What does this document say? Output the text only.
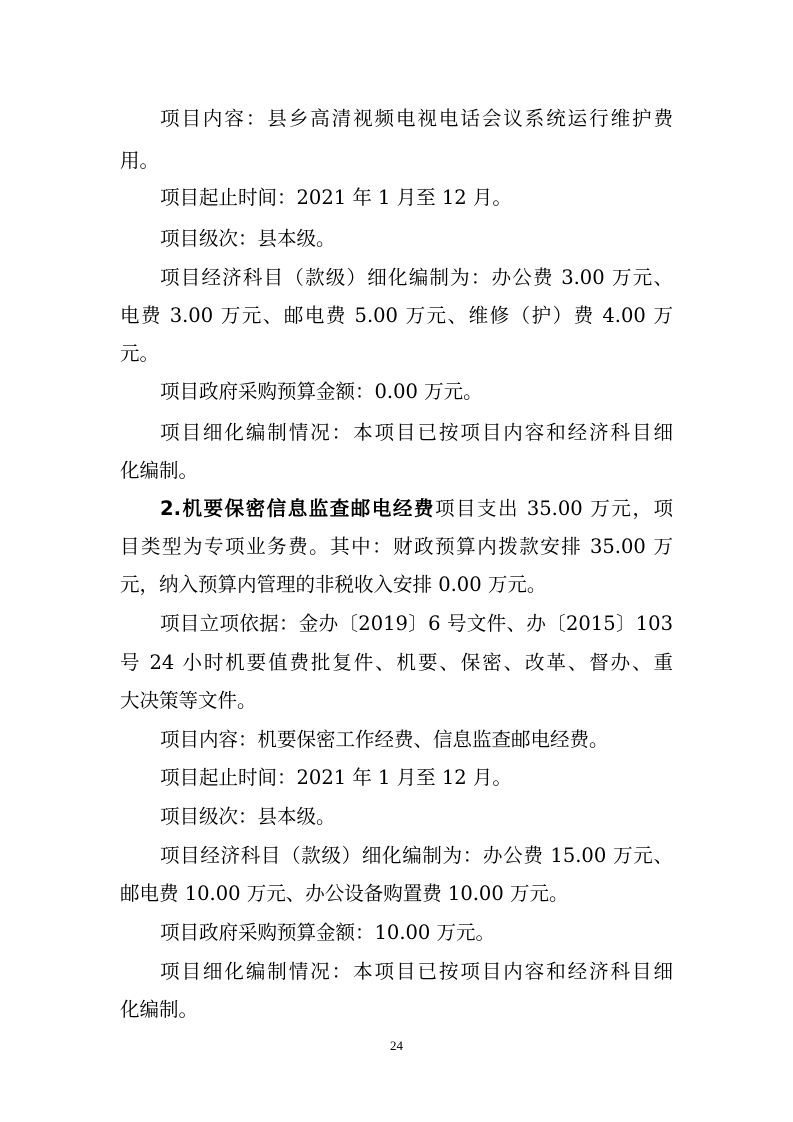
项目内容：县乡高清视频电视电话会议系统运行维护费
用。
项目起止时间：2021 年 1 月至 12 月。
项目级次：县本级。
项目经济科目（款级）细化编制为：办公费 3.00 万元、
电费 3.00 万元、邮电费 5.00 万元、维修（护）费 4.00 万
元。
项目政府采购预算金额：0.00 万元。
项目细化编制情况：本项目已按项目内容和经济科目细
化编制。
2.机要保密信息监查邮电经费项目支出 35.00 万元，项
目类型为专项业务费。其中：财政预算内拨款安排 35.00 万
元，纳入预算内管理的非税收入安排 0.00 万元。
项目立项依据：金办〔2019〕6 号文件、办〔2015〕103
号 24 小时机要值费批复件、机要、保密、改革、督办、重
大决策等文件。
项目内容：机要保密工作经费、信息监查邮电经费。
项目起止时间：2021 年 1 月至 12 月。
项目级次：县本级。
项目经济科目（款级）细化编制为：办公费 15.00 万元、
邮电费 10.00 万元、办公设备购置费 10.00 万元。
项目政府采购预算金额：10.00 万元。
项目细化编制情况：本项目已按项目内容和经济科目细
化编制。
24
